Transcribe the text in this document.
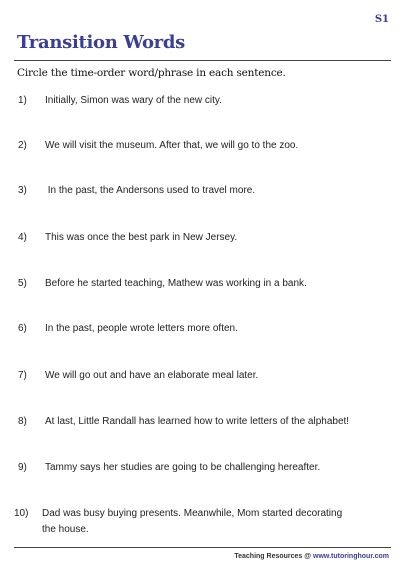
S1
Transition Words
Circle the time-order word/phrase in each sentence.
1)	Initially, Simon was wary of the new city.
2)	We will visit the museum. After that, we will go to the zoo.
3)	In the past, the Andersons used to travel more.
4)	This was once the best park in New Jersey.
5)	Before he started teaching, Mathew was working in a bank.
6)	In the past, people wrote letters more often.
7)	We will go out and have an elaborate meal later.
8)	At last, Little Randall has learned how to write letters of the alphabet!
9)	Tammy says her studies are going to be challenging hereafter.
10)	Dad was busy buying presents. Meanwhile, Mom started decorating the house.
Teaching Resources @ www.tutoringhour.com
